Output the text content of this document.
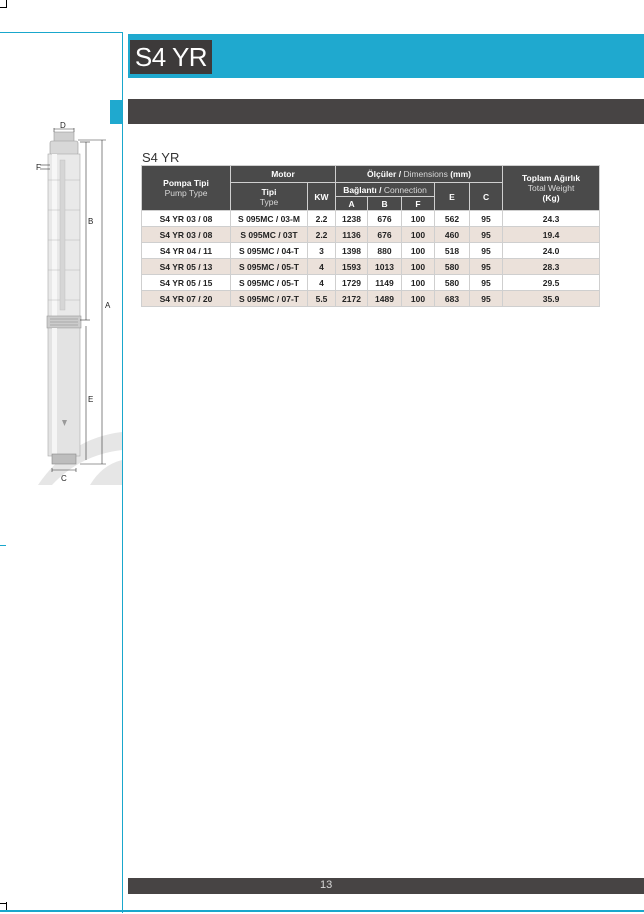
S4 YR
D
F
B
A
E
C
S4 YR
Pompa Tipi
Pump Type	Motor		Ölçüler / Dimensions (mm)					Toplam Ağırlık
Total Weight
(Kg)
	Tipi
Type	KW	Bağlantı / Connection			E	C	
			A	B	F			
S4 YR 03 / 08	S 095MC / 03-M	2.2	1238	676	100	562	95	24.3
S4 YR 03 / 08	S 095MC / 03T	2.2	1136	676	100	460	95	19.4
S4 YR 04 / 11	S 095MC / 04-T	3	1398	880	100	518	95	24.0
S4 YR 05 / 13	S 095MC / 05-T	4	1593	1013	100	580	95	28.3
S4 YR 05 / 15	S 095MC / 05-T	4	1729	1149	100	580	95	29.5
S4 YR 07 / 20	S 095MC / 07-T	5.5	2172	1489	100	683	95	35.9
13
